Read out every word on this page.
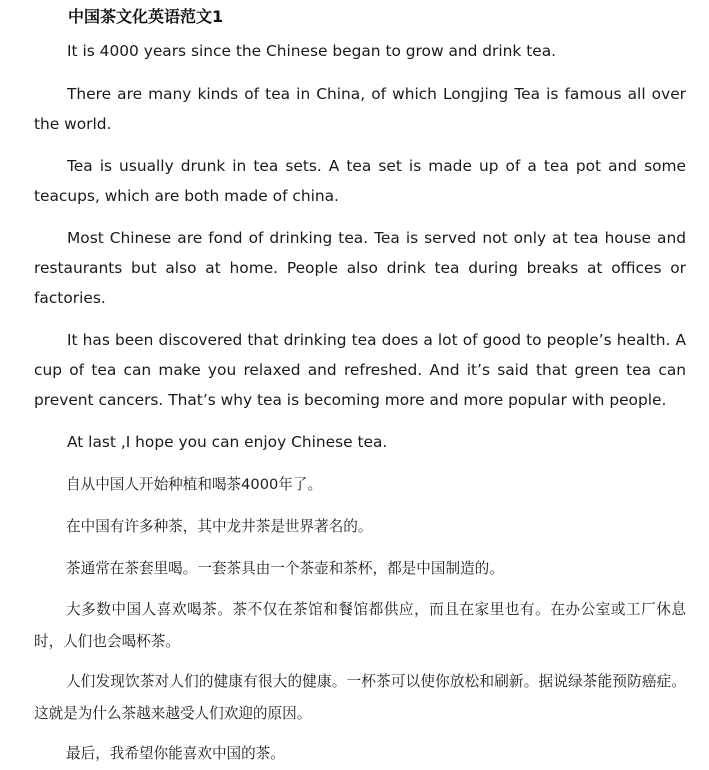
中国茶文化英语范文1

It is 4000 years since the Chinese began to grow and drink tea.

There are many kinds of tea in China, of which Longjing Tea is famous all over the world.

Tea is usually drunk in tea sets. A tea set is made up of a tea pot and some teacups, which are both made of china.

Most Chinese are fond of drinking tea. Tea is served not only at tea house and restaurants but also at home. People also drink tea during breaks at offices or factories.

It has been discovered that drinking tea does a lot of good to people’s health. A cup of tea can make you relaxed and refreshed. And it’s said that green tea can prevent cancers. That’s why tea is becoming more and more popular with people.

At last ,I hope you can enjoy Chinese tea.

自从中国人开始种植和喝茶4000年了。

在中国有许多种茶，其中龙井茶是世界著名的。

茶通常在茶套里喝。一套茶具由一个茶壶和茶杯，都是中国制造的。

大多数中国人喜欢喝茶。茶不仅在茶馆和餐馆都供应，而且在家里也有。在办公室或工厂休息时，人们也会喝杯茶。

人们发现饮茶对人们的健康有很大的健康。一杯茶可以使你放松和刷新。据说绿茶能预防癌症。这就是为什么茶越来越受人们欢迎的原因。

最后，我希望你能喜欢中国的茶。
